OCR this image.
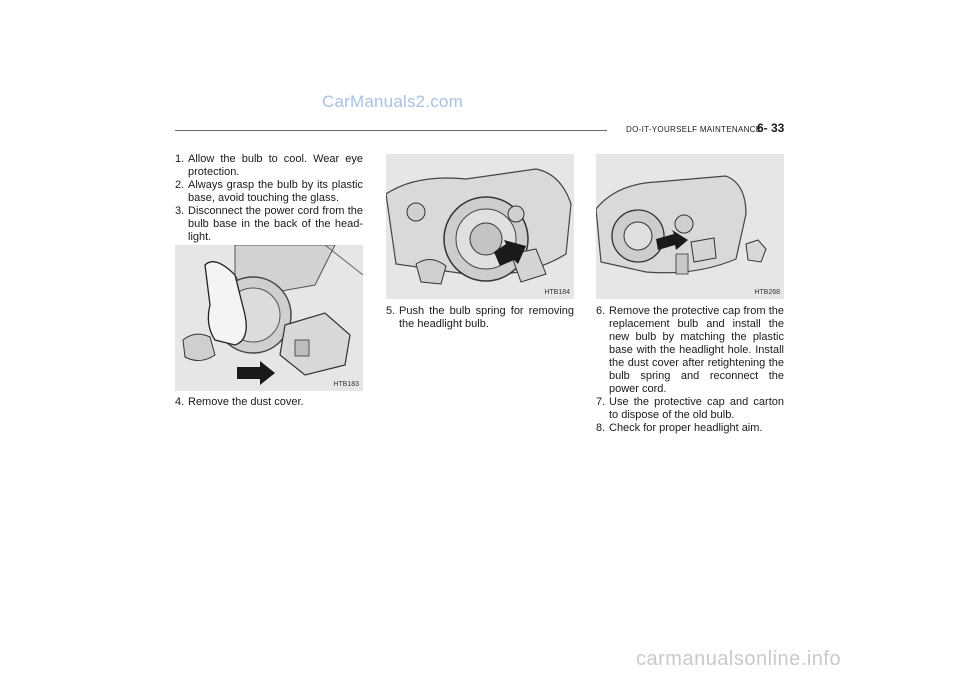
CarManuals2.com
DO-IT-YOURSELF MAINTENANCE
6- 33
1. Allow the bulb to cool. Wear eye protection.
2. Always grasp the bulb by its plastic base, avoid touching the glass.
3. Disconnect the power cord from the bulb base in the back of the head-light.
HTB183
4. Remove the dust cover.
HTB184
5. Push the bulb spring for removing the headlight bulb.
HTB268
6. Remove the protective cap from the replacement bulb and install the new bulb by matching the plastic base with the headlight hole. Install the dust cover after retightening the bulb spring and reconnect the power cord.
7. Use the protective cap and carton to dispose of the old bulb.
8. Check for proper headlight aim.
carmanualsonline.info
